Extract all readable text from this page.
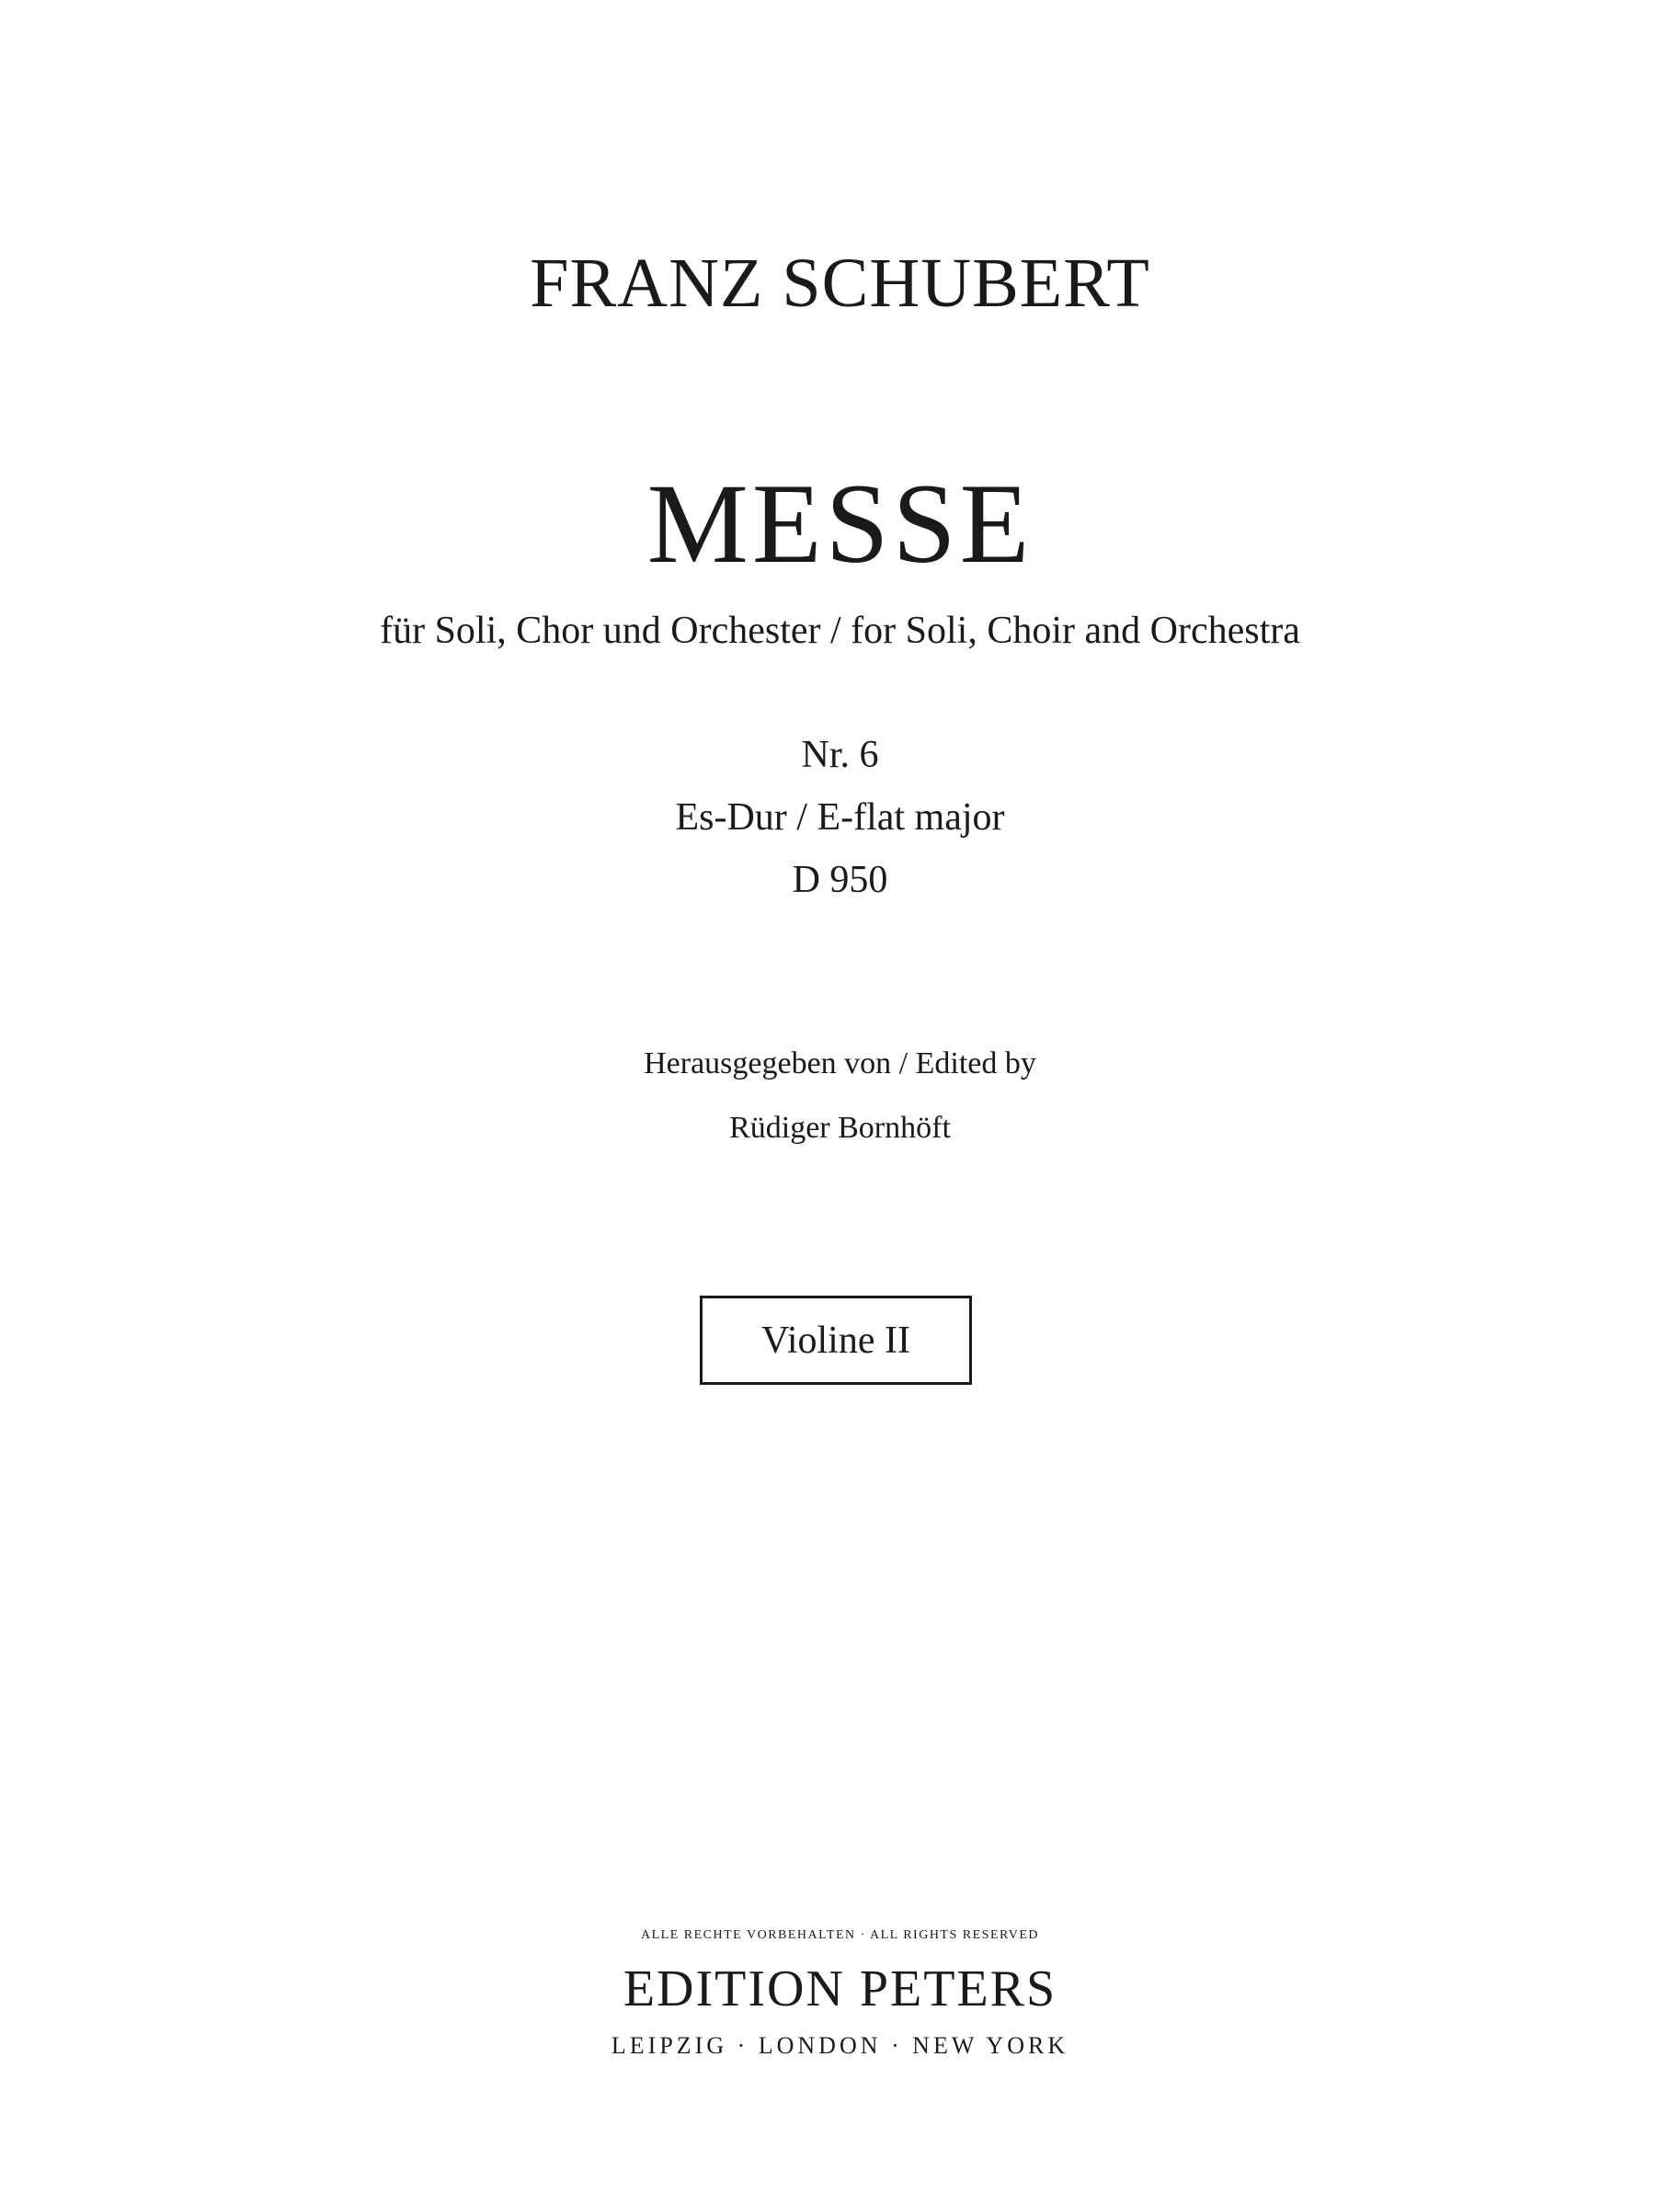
FRANZ SCHUBERT
MESSE
für Soli, Chor und Orchester / for Soli, Choir and Orchestra
Nr. 6
Es-Dur / E-flat major
D 950
Herausgegeben von / Edited by
Rüdiger Bornhöft
Violine II
ALLE RECHTE VORBEHALTEN · ALL RIGHTS RESERVED
EDITION PETERS
LEIPZIG · LONDON · NEW YORK
